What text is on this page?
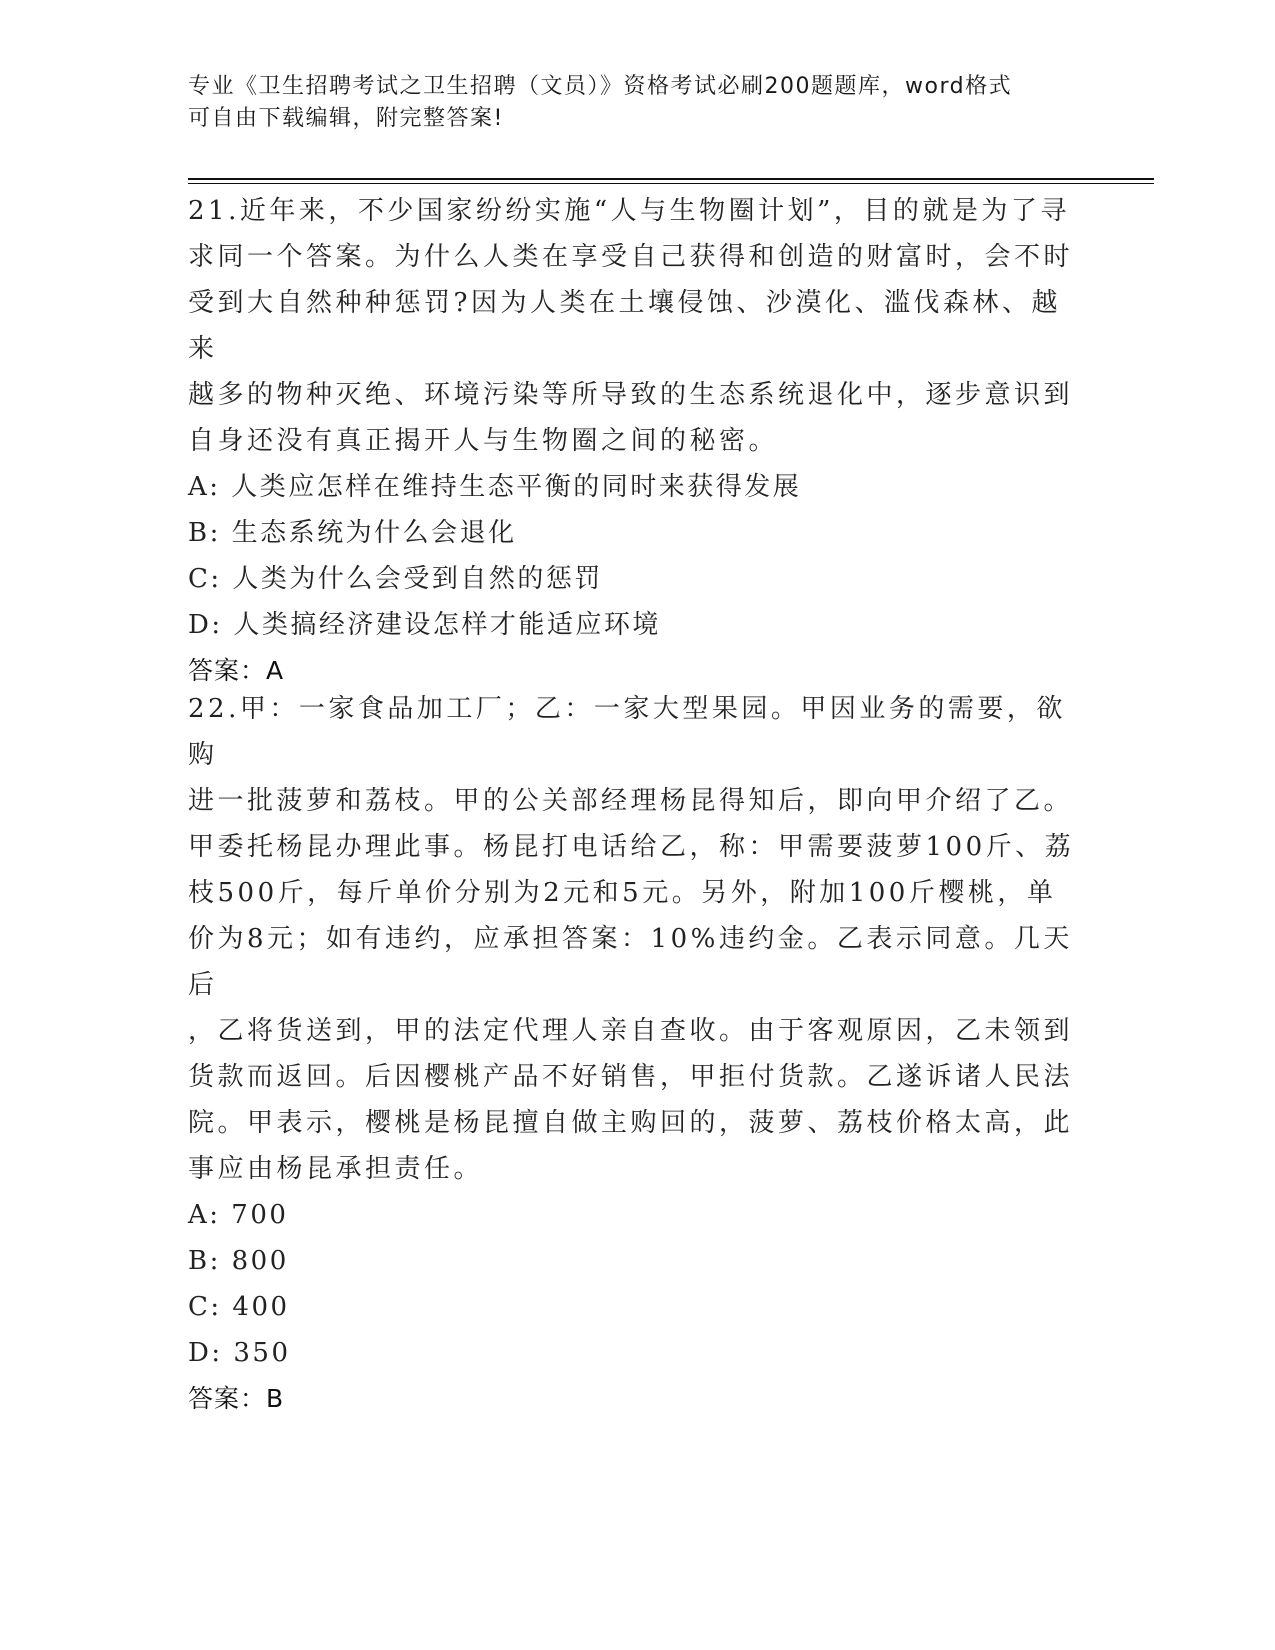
专业《卫生招聘考试之卫生招聘（文员）》资格考试必刷200题题库，word格式

可自由下载编辑，附完整答案!

21.近年来，不少国家纷纷实施“人与生物圈计划”，目的就是为了寻

求同一个答案。为什么人类在享受自己获得和创造的财富时，会不时

受到大自然种种惩罚?因为人类在土壤侵蚀、沙漠化、滥伐森林、越来

越多的物种灭绝、环境污染等所导致的生态系统退化中，逐步意识到

自身还没有真正揭开人与生物圈之间的秘密。

A: 人类应怎样在维持生态平衡的同时来获得发展

B: 生态系统为什么会退化

C: 人类为什么会受到自然的惩罚

D: 人类搞经济建设怎样才能适应环境

答案：A

22.甲：一家食品加工厂；乙：一家大型果园。甲因业务的需要，欲购

进一批菠萝和荔枝。甲的公关部经理杨昆得知后，即向甲介绍了乙。

甲委托杨昆办理此事。杨昆打电话给乙，称：甲需要菠萝100斤、荔

枝500斤，每斤单价分别为2元和5元。另外，附加100斤樱桃，单

价为8元；如有违约，应承担答案：10%违约金。乙表示同意。几天后

，乙将货送到，甲的法定代理人亲自查收。由于客观原因，乙未领到

货款而返回。后因樱桃产品不好销售，甲拒付货款。乙遂诉诸人民法

院。甲表示，樱桃是杨昆擅自做主购回的，菠萝、荔枝价格太高，此

事应由杨昆承担责任。

A: 700

B: 800

C: 400

D: 350

答案：B
